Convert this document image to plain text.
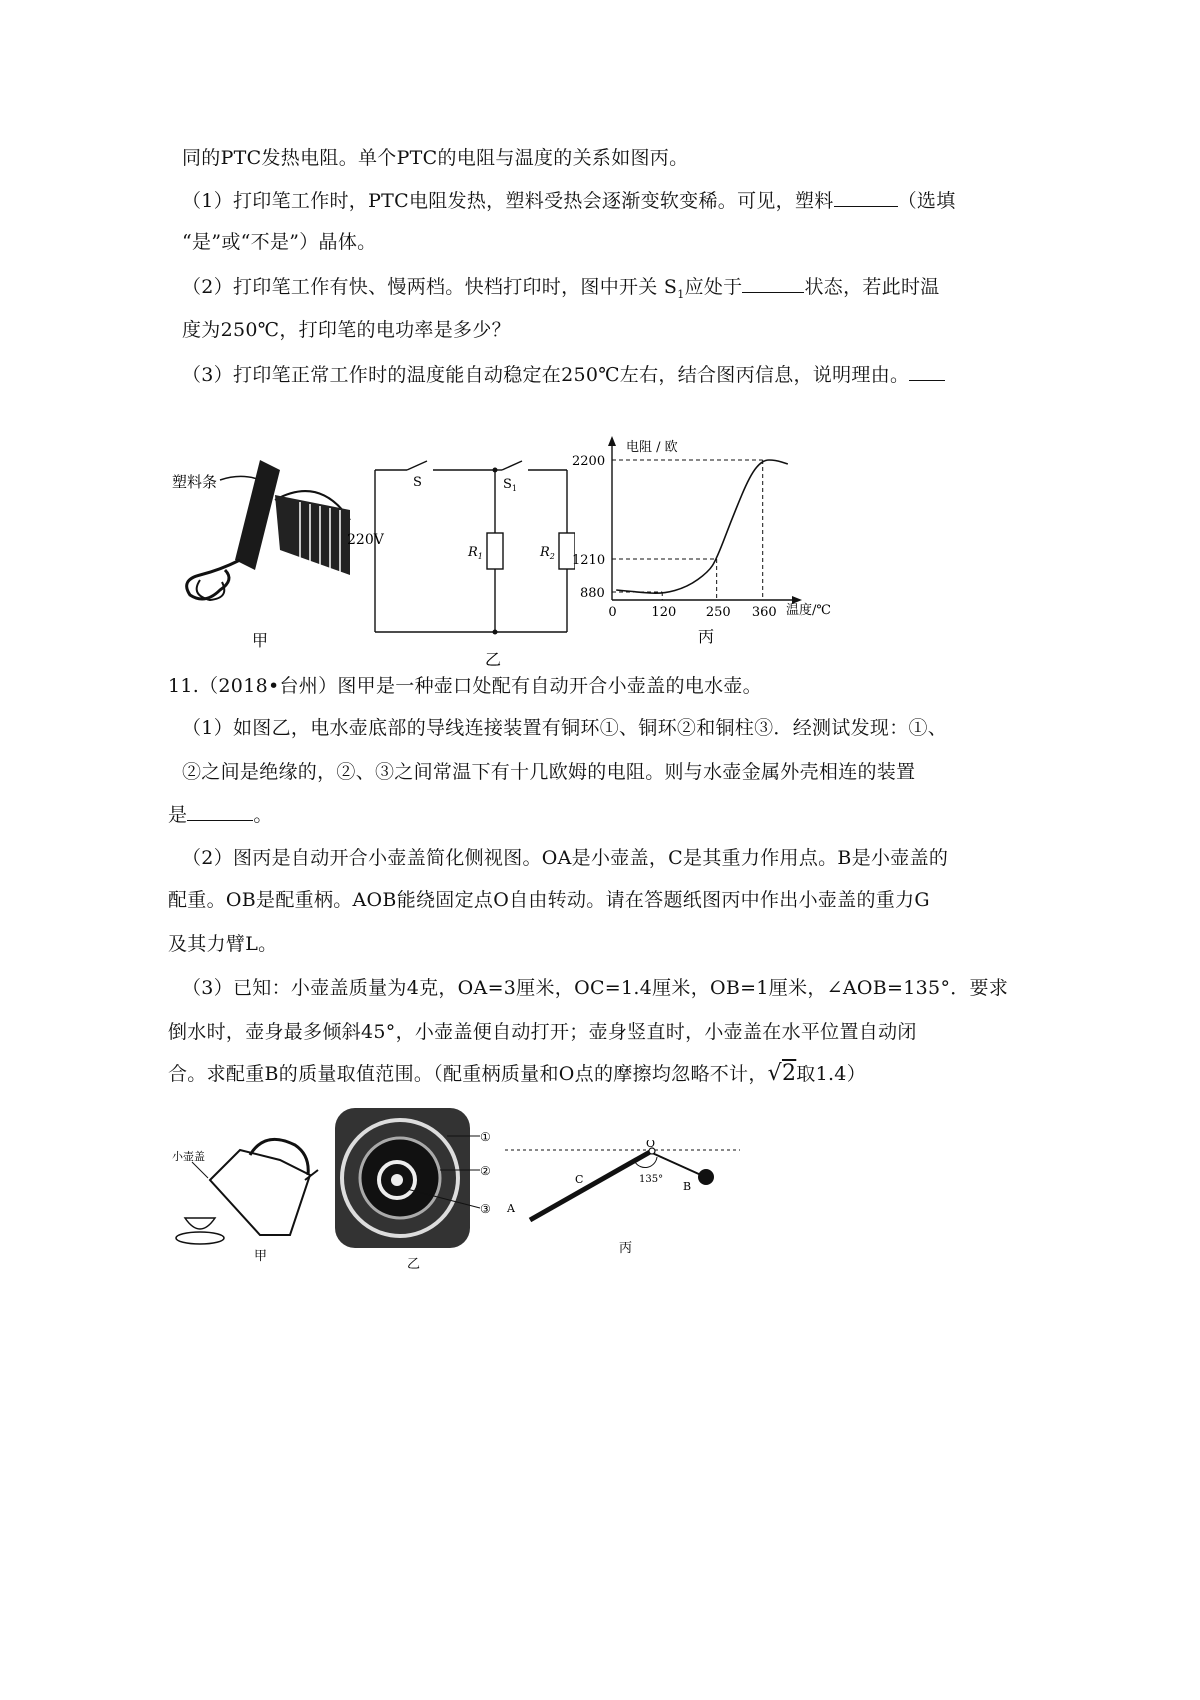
同的PTC发热电阻。单个PTC的电阻与温度的关系如图丙。
（1）打印笔工作时，PTC电阻发热，塑料受热会逐渐变软变稀。可见，塑料	（选填
“是”或“不是”）晶体。
（2）打印笔工作有快、慢两档。快档打印时，图中开关 $S_1$应处于	状态，若此时温
度为250℃，打印笔的电功率是多少？
（3）打印笔正常工作时的温度能自动稳定在250℃左右，结合图丙信息，说明理由。
塑料条
甲
S	$S_1$
220V
$R_1$	$R_2$
乙
电阻 / 欧
温度/℃
丙
0	120 250 360
880
1210
2200
11.（2018•台州）图甲是一种壶口处配有自动开合小壶盖的电水壶。
（1）如图乙，电水壶底部的导线连接装置有铜环①、铜环②和铜柱③．经测试发现：①、
②之间是绝缘的，②、③之间常温下有十几欧姆的电阻。则与水壶金属外壳相连的装置
是	。
（2）图丙是自动开合小壶盖简化侧视图。OA是小壶盖，C是其重力作用点。B是小壶盖的
配重。OB是配重柄。AOB能绕固定点O自由转动。请在答题纸图丙中作出小壶盖的重力G
及其力臂L。
（3）已知：小壶盖质量为4克，OA=3厘米，OC=1.4厘米，OB=1厘米，∠AOB=135°．要求
倒水时，壶身最多倾斜45°，小壶盖便自动打开；壶身竖直时，小壶盖在水平位置自动闭
合。求配重B的质量取值范围。（配重柄质量和O点的摩擦均忽略不计，√2取1.4）
小壶盖
甲
①
②
③
乙
O
A
B
C	135°
丙
